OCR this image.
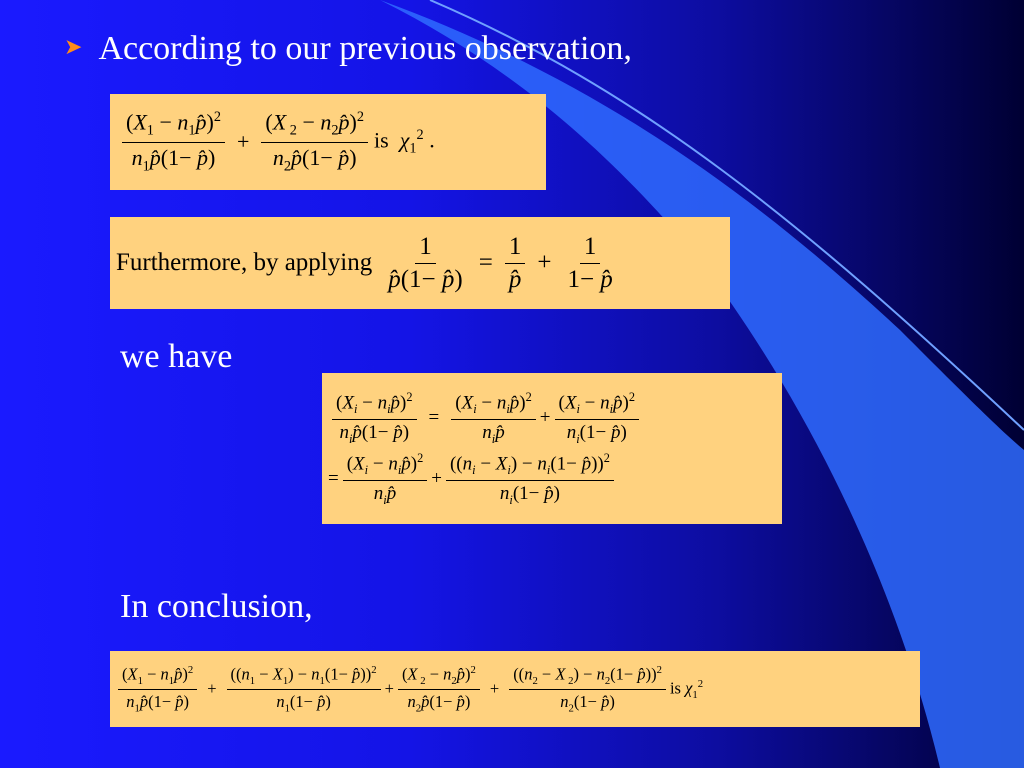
➤ According to our previous observation,
$\frac{(X_1 - n_1p̂)^2}{n_1p̂(1- p̂)} + \frac{(X _2 - n_2p̂)^2}{n_2p̂(1- p̂)}$ is  $\chi_1^2$ .
Furthermore, by applying $\frac{1}{p̂(1- p̂)} = \frac{1}{p̂} + \frac{1}{1- p̂}$
we have
$\frac{(X_i - n_ip̂)^2}{n_ip̂(1- p̂)} = \frac{(X_i - n_ip̂)^2}{n_ip̂} + \frac{(X_i - n_ip̂)^2}{n_i(1- p̂)}$
= $\frac{(X_i - n_ip̂)^2}{n_ip̂} + \frac{((n_i - X_i) - n_i(1- p̂))^2}{n_i(1- p̂)}$
In conclusion,
$\frac{(X_1 - n_1p̂)^2}{n_1p̂(1- p̂)} + \frac{((n_1 - X_1) - n_1(1- p̂))^2}{n_1(1- p̂)} + \frac{(X _2 - n_2p̂)^2}{n_2p̂(1- p̂)} + \frac{((n_2 - X _2) - n_2(1- p̂))^2}{n_2(1- p̂)}$ is $\chi_1^2$
